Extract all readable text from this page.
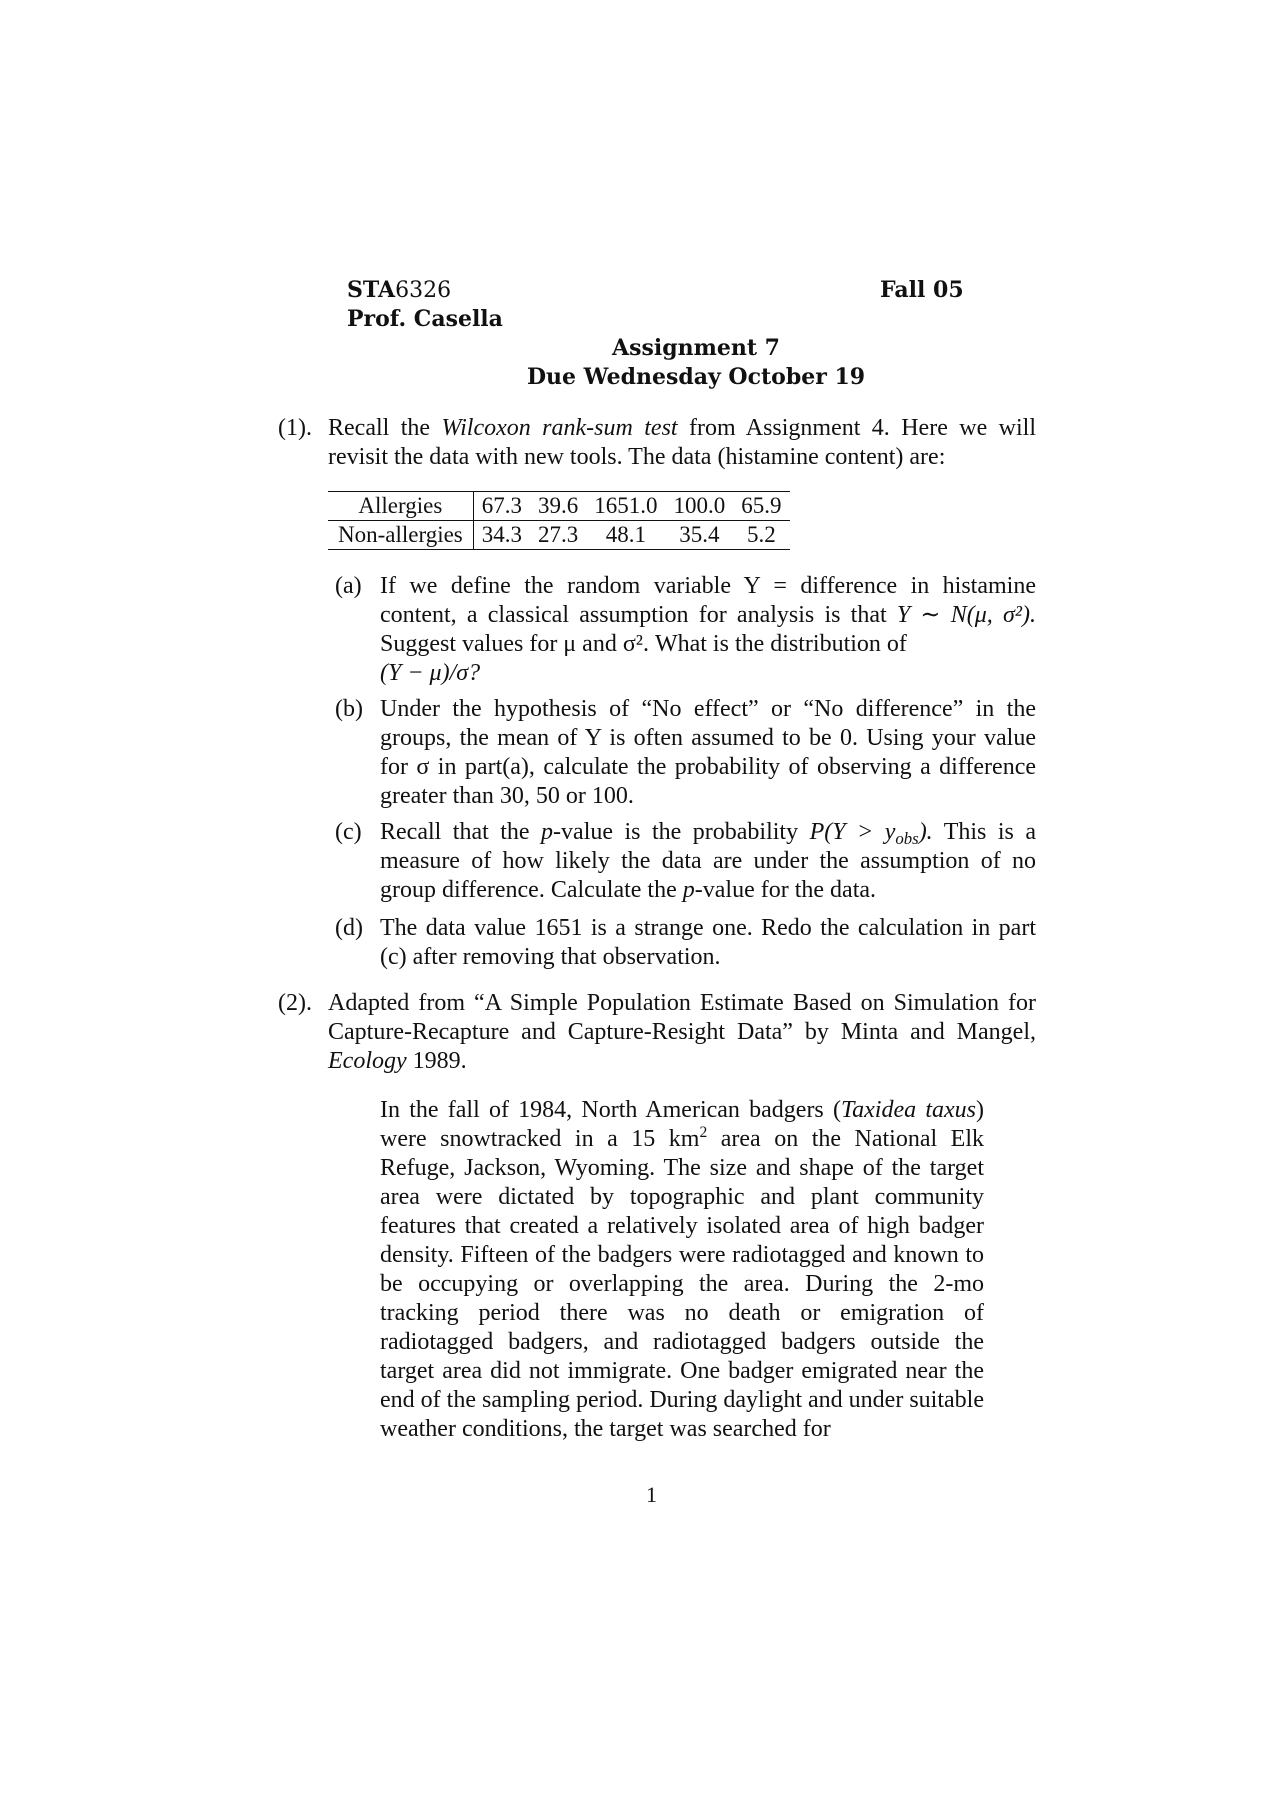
STA6326
Prof. Casella
Fall 05
Assignment 7
Due Wednesday October 19
(1). Recall the Wilcoxon rank-sum test from Assignment 4. Here we will revisit the data with new tools. The data (histamine content) are:
Allergies	67.3	39.6	1651.0	100.0	65.9
Non-allergies	34.3	27.3	48.1	35.4	5.2
(a) If we define the random variable Y = difference in histamine content, a classical assumption for analysis is that Y ∼ N(μ, σ²). Suggest values for μ and σ². What is the distribution of
(Y − μ)/σ?
(b) Under the hypothesis of “No effect” or “No difference” in the groups, the mean of Y is often assumed to be 0. Using your value for σ in part(a), calculate the probability of observing a difference greater than 30, 50 or 100.
(c) Recall that the p-value is the probability $P(Y > y_{obs})$. This is a measure of how likely the data are under the assumption of no group difference. Calculate the p-value for the data.
(d) The data value 1651 is a strange one. Redo the calculation in part (c) after removing that observation.
(2). Adapted from “A Simple Population Estimate Based on Simulation for Capture-Recapture and Capture-Resight Data” by Minta and Mangel, Ecology 1989.
In the fall of 1984, North American badgers (Taxidea taxus) were snowtracked in a 15 $km^2$ area on the National Elk Refuge, Jackson, Wyoming. The size and shape of the target area were dictated by topographic and plant community features that created a relatively isolated area of high badger density. Fifteen of the badgers were radiotagged and known to be occupying or overlapping the area. During the 2-mo tracking period there was no death or emigration of radiotagged badgers, and radiotagged badgers outside the target area did not immigrate. One badger emigrated near the end of the sampling period. During daylight and under suitable weather conditions, the target was searched for
1
